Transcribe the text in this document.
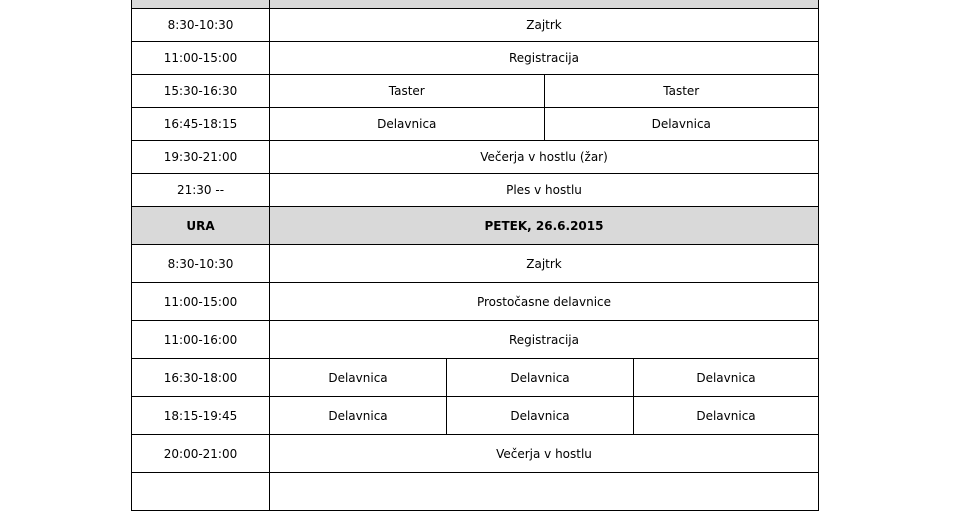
8:30-10:30	Zajtrk
11:00-15:00	Registracija
15:30-16:30	Taster	Taster
16:45-18:15	Delavnica	Delavnica
19:30-21:00	Večerja v hostlu (žar)
21:30 --	Ples v hostlu
URA	PETEK, 26.6.2015
8:30-10:30	Zajtrk
11:00-15:00	Prostočasne delavnice
11:00-16:00	Registracija
16:30-18:00	Delavnica	Delavnica	Delavnica
18:15-19:45	Delavnica	Delavnica	Delavnica
20:00-21:00	Večerja v hostlu
